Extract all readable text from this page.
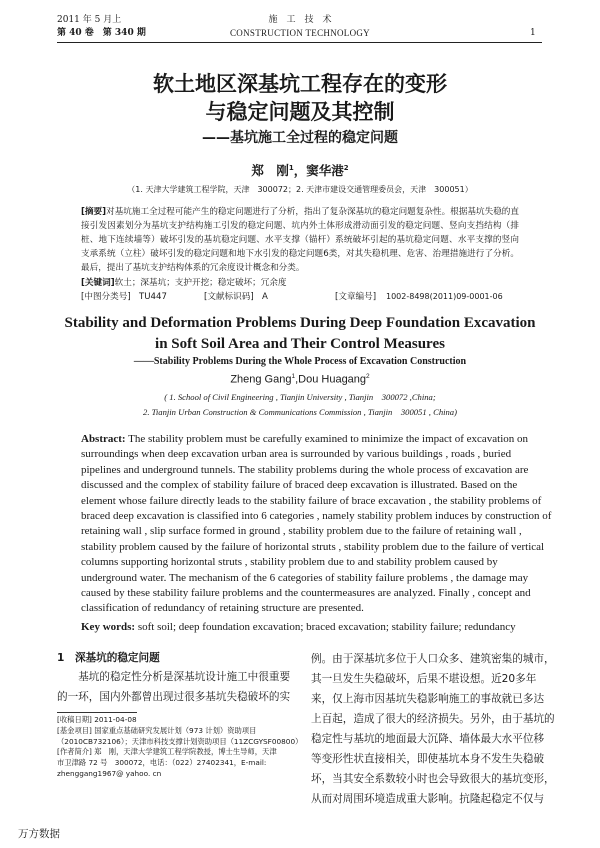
2011 年 5 月上
第 40 卷　第 340 期
施　工　技　术
CONSTRUCTION TECHNOLOGY	1
软土地区深基坑工程存在的变形
与稳定问题及其控制
——基坑施工全过程的稳定问题
郑　刚$^1$，窦华港$^2$
（1. 天津大学建筑工程学院，天津　300072；2. 天津市建设交通管理委员会，天津　300051）
[摘要]对基坑施工全过程可能产生的稳定问题进行了分析，指出了复杂深基坑的稳定问题复杂性。根据基坑失稳的直接引发因素划分为基坑支护结构施工引发的稳定问题、坑内外土体形成滑动面引发的稳定问题、竖向支挡结构（排桩、地下连续墙等）破坏引发的基坑稳定问题、水平支撑（锚杆）系统破坏引起的基坑稳定问题、水平支撑的竖向支承系统（立柱）破坏引发的稳定问题和地下水引发的稳定问题6类，对其失稳机理、危害、治理措施进行了分析。最后，提出了基坑支护结构体系的冗余度设计概念和分类。
[关键词]软土；深基坑；支护开挖；稳定破坏；冗余度
[中图分类号] TU447	[文献标识码] A	[文章编号] 1002-8498(2011)09-0001-06
Stability and Deformation Problems During Deep Foundation Excavation
in Soft Soil Area and Their Control Measures
——Stability Problems During the Whole Process of Excavation Construction
Zheng Gang$^1$,Dou Huagang$^2$
( 1. School of Civil Engineering , Tianjin University , Tianjin　300072 ,China;
2. Tianjin Urban Construction & Communications Commission , Tianjin　300051 , China)
Abstract: The stability problem must be carefully examined to minimize the impact of excavation on
surroundings when deep excavation urban area is surrounded by various buildings , roads , buried
pipelines and underground tunnels. The stability problems during the whole process of excavation are
discussed and the complex of stability failure of braced deep excavation is illustrated. Based on the
element whose failure directly leads to the stability failure of brace excavation , the stability problems of
braced deep excavation is classified into 6 categories , namely stability problem induces by construction of
retaining wall , slip surface formed in ground , stability problem due to the failure of retaining wall ,
stability problem caused by the failure of horizontal struts , stability problem due to the failure of vertical
columns supporting horizontal struts , stability problem due to and stability problem caused by
underground water. The mechanism of the 6 categories of stability failure problems , the damage may
caused by these stability failure problems and the countermeasures are analyzed. Finally , concept and
classification of redundancy of retaining structure are presented.
Key words: soft soil; deep foundation excavation; braced excavation; stability failure; redundancy
1　深基坑的稳定问题
基坑的稳定性分析是深基坑设计施工中很重要
的一环，国内外都曾出现过很多基坑失稳破坏的实
[收稿日期] 2011-04-08
[基金项目] 国家重点基础研究发展计划（973 计划）资助项目
（2010CB732106）；天津市科技支撑计划资助项目（11ZCGYSF00800）
[作者简介] 郑　刚，天津大学建筑工程学院教授，博士生导师，天津
市卫津路 72 号　300072，电话：（022）27402341，E-mail:
zhenggang1967@ yahoo. cn
例。由于深基坑多位于人口众多、建筑密集的城市，
其一旦发生失稳破坏，后果不堪设想。近20多年
来，仅上海市因基坑失稳影响施工的事故就已多达
上百起，造成了很大的经济损失。另外，由于基坑的
稳定性与基坑的地面最大沉降、墙体最大水平位移
等变形性状直接相关，即使基坑本身不发生失稳破
坏，当其安全系数较小时也会导致很大的基坑变形，
从而对周围环境造成重大影响。抗隆起稳定不仅与
万方数据
